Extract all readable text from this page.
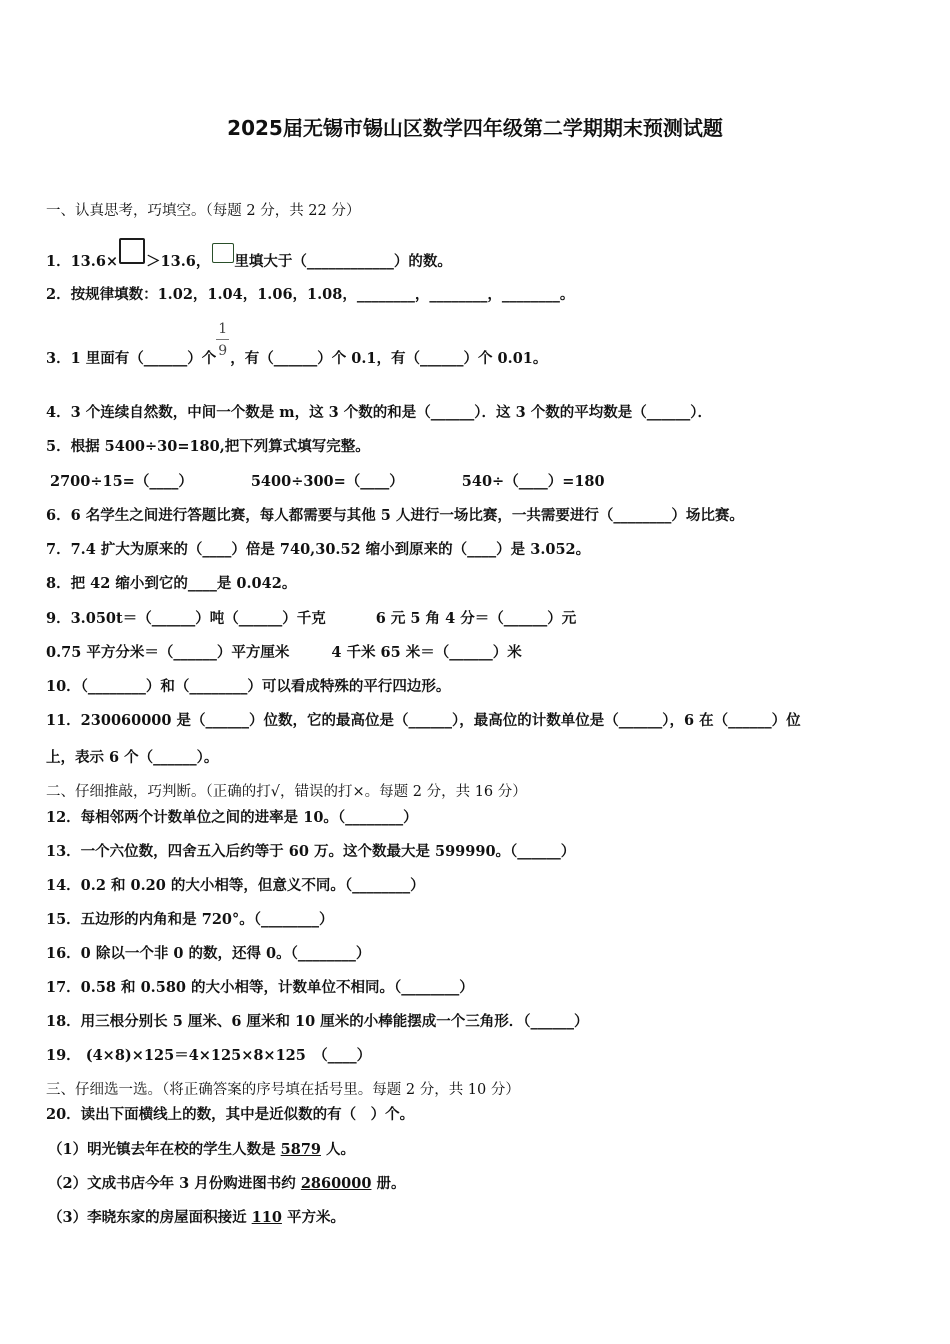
2025届无锡市锡山区数学四年级第二学期期末预测试题
一、认真思考，巧填空。（每题 2 分，共 22 分）
1．13.6× ＞13.6， 里填大于（____________）的数。
2．按规律填数：1.02，1.04，1.06，1.08，________，________，________。
3．1 里面有（______）个 $\frac{1}{9}$ ，有（______）个 0.1，有（______）个 0.01。
4．3 个连续自然数，中间一个数是 m，这 3 个数的和是（______）．这 3 个数的平均数是（______）．
5．根据 5400÷30=180,把下列算式填写完整。
2700÷15=（____）	5400÷300=（____）	540÷（____）=180
6．6 名学生之间进行答题比赛，每人都需要与其他 5 人进行一场比赛，一共需要进行（________）场比赛。
7．7.4 扩大为原来的（____）倍是 740,30.52 缩小到原来的（____）是 3.052。
8．把 42 缩小到它的____是 0.042。
9．3.050t＝（______）吨（______）千克	6 元 5 角 4 分＝（______）元
0.75 平方分米＝（______）平方厘米	4 千米 65 米＝（______）米
10．（________）和（________）可以看成特殊的平行四边形。
11．230060000 是（______）位数，它的最高位是（______），最高位的计数单位是（______），6 在（______）位
上，表示 6 个（______）。
二、仔细推敲，巧判断。（正确的打√，错误的打×。每题 2 分，共 16 分）
12．每相邻两个计数单位之间的进率是 10。（________）
13．一个六位数，四舍五入后约等于 60 万。这个数最大是 599990。（______）
14．0.2 和 0.20 的大小相等，但意义不同。（________）
15．五边形的内角和是 720°。（________）
16．0 除以一个非 0 的数，还得 0。（________）
17．0.58 和 0.580 的大小相等，计数单位不相同。（________）
18．用三根分别长 5 厘米、6 厘米和 10 厘米的小棒能摆成一个三角形．（______）
19． (4×8)×125＝4×125×8×125　（____）
三、仔细选一选。（将正确答案的序号填在括号里。每题 2 分，共 10 分）
20．读出下面横线上的数，其中是近似数的有（　）个。
（1）明光镇去年在校的学生人数是 5879 人。
（2）文成书店今年 3 月份购进图书约 2860000 册。
（3）李晓东家的房屋面积接近 110 平方米。
